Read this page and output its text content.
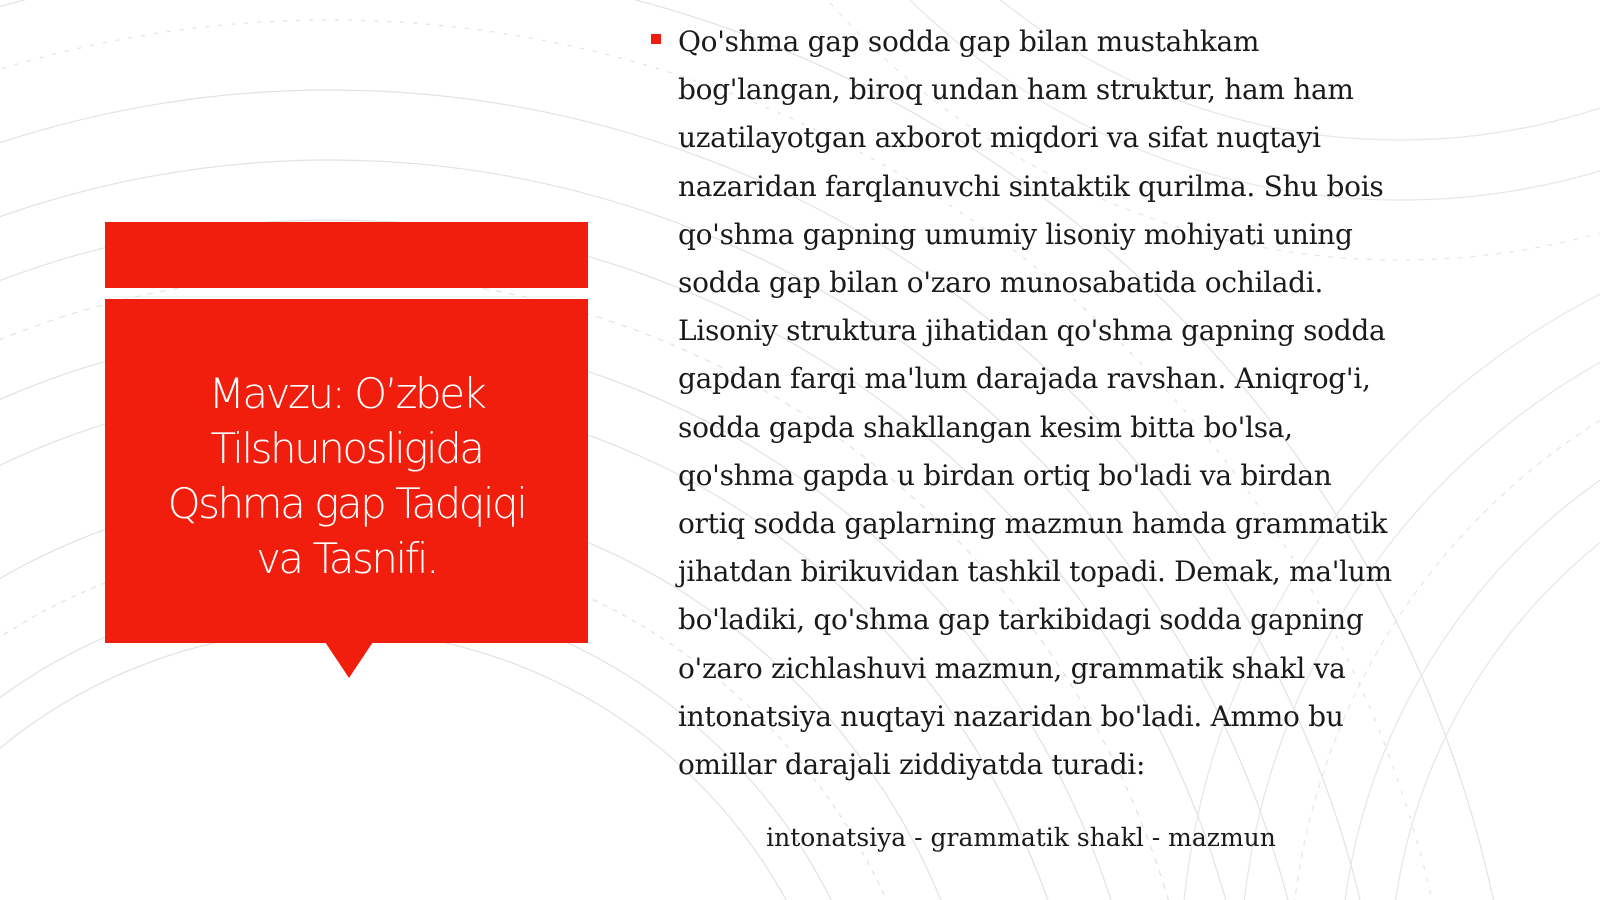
Mavzu: O’zbek Tilshunosligida Qshma gap Tadqiqi va Tasnifi.

Qo'shma gap sodda gap bilan mustahkam
bog'langan, biroq undan ham struktur, ham ham
uzatilayotgan axborot miqdori va sifat nuqtayi
nazaridan farqlanuvchi sintaktik qurilma. Shu bois
qo'shma gapning umumiy lisoniy mohiyati uning
sodda gap bilan o'zaro munosabatida ochiladi.
Lisoniy struktura jihatidan qo'shma gapning sodda
gapdan farqi ma'lum darajada ravshan. Aniqrog'i,
sodda gapda shakllangan kesim bitta bo'lsa,
qo'shma gapda u birdan ortiq bo'ladi va birdan
ortiq sodda gaplarning mazmun hamda grammatik
jihatdan birikuvidan tashkil topadi. Demak, ma'lum
bo'ladiki, qo'shma gap tarkibidagi sodda gapning
o'zaro zichlashuvi mazmun, grammatik shakl va
intonatsiya nuqtayi nazaridan bo'ladi. Ammo bu
omillar darajali ziddiyatda turadi:

intonatsiya - grammatik shakl - mazmun
